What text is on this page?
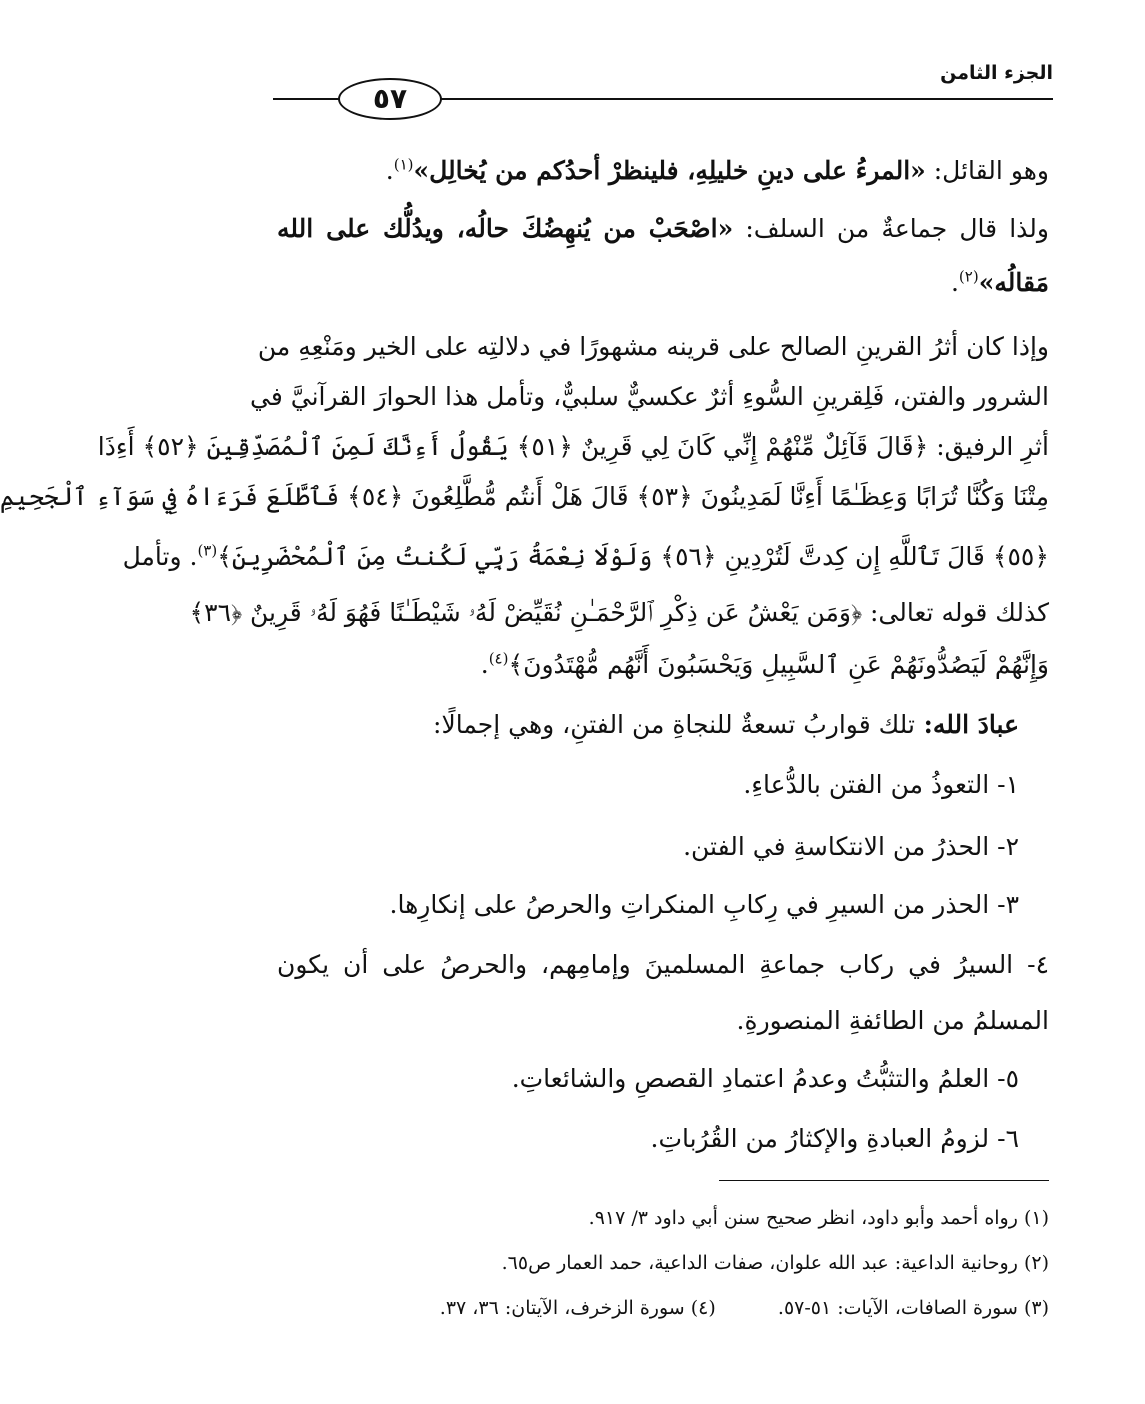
الجزء الثامن
٥٧
وهو القائل: «المرءُ على دينِ خليلِهِ، فلينظرْ أحدُكم من يُخالِل»$^{(١)}$.
ولذا قال جماعةٌ من السلف: «اصْحَبْ من يُنهِضُكَ حالُه، ويدُلُّك على الله
مَقالُه»$^{(٢)}$.
وإذا كان أثرُ القرينِ الصالح على قرينه مشهورًا في دلالتِه على الخير ومَنْعِهِ من
الشرور والفتن، فَلِقرينِ السُّوءِ أثرٌ عكسيٌّ سلبيٌّ، وتأمل هذا الحوارَ القرآنيَّ في
أثرِ الرفيق: ﴿قَالَ قَآئِلٌ مِّنْهُمْ إِنِّي كَانَ لِي قَرِينٌ ﴿٥١﴾ يَقُولُ أَءِنَّكَ لَمِنَ ٱلْمُصَدِّقِينَ ﴿٥٢﴾ أَءِذَا
مِتْنَا وَكُنَّا تُرَابًا وَعِظَـٰمًا أَءِنَّا لَمَدِينُونَ ﴿٥٣﴾ قَالَ هَلْ أَنتُم مُّطَّلِعُونَ ﴿٥٤﴾ فَٱطَّلَعَ فَرَءَاهُ فِي سَوَآءِ ٱلْجَحِيمِ
﴿٥٥﴾ قَالَ تَٱللَّهِ إِن كِدتَّ لَتُرْدِينِ ﴿٥٦﴾ وَلَوْلَا نِعْمَةُ رَبِّي لَكُنتُ مِنَ ٱلْمُحْضَرِينَ﴾$^{(٣)}$. وتأمل
كذلك قوله تعالى: ﴿وَمَن يَعْشُ عَن ذِكْرِ ٱلرَّحْمَـٰنِ نُقَيِّضْ لَهُۥ شَيْطَـٰنًا فَهُوَ لَهُۥ قَرِينٌ ﴿٣٦﴾
وَإِنَّهُمْ لَيَصُدُّونَهُمْ عَنِ ٱلسَّبِيلِ وَيَحْسَبُونَ أَنَّهُم مُّهْتَدُونَ﴾$^{(٤)}$.
عبادَ الله: تلك قواربُ تسعةٌ للنجاةِ من الفتنِ، وهي إجمالًا:
١- التعوذُ من الفتن بالدُّعاءِ.
٢- الحذرُ من الانتكاسةِ في الفتن.
٣- الحذر من السيرِ في رِكابِ المنكراتِ والحرصُ على إنكارِها.
٤- السيرُ في ركاب جماعةِ المسلمينَ وإمامِهم، والحرصُ على أن يكون
المسلمُ من الطائفةِ المنصورةِ.
٥- العلمُ والتثبُّتُ وعدمُ اعتمادِ القصصِ والشائعاتِ.
٦- لزومُ العبادةِ والإكثارُ من القُرُباتِ.
(١) رواه أحمد وأبو داود، انظر صحيح سنن أبي داود ٣/ ٩١٧.
(٢) روحانية الداعية: عبد الله علوان، صفات الداعية، حمد العمار ص٦٥.
(٣) سورة الصافات، الآيات: ٥١-٥٧.  (٤) سورة الزخرف، الآيتان: ٣٦، ٣٧.
